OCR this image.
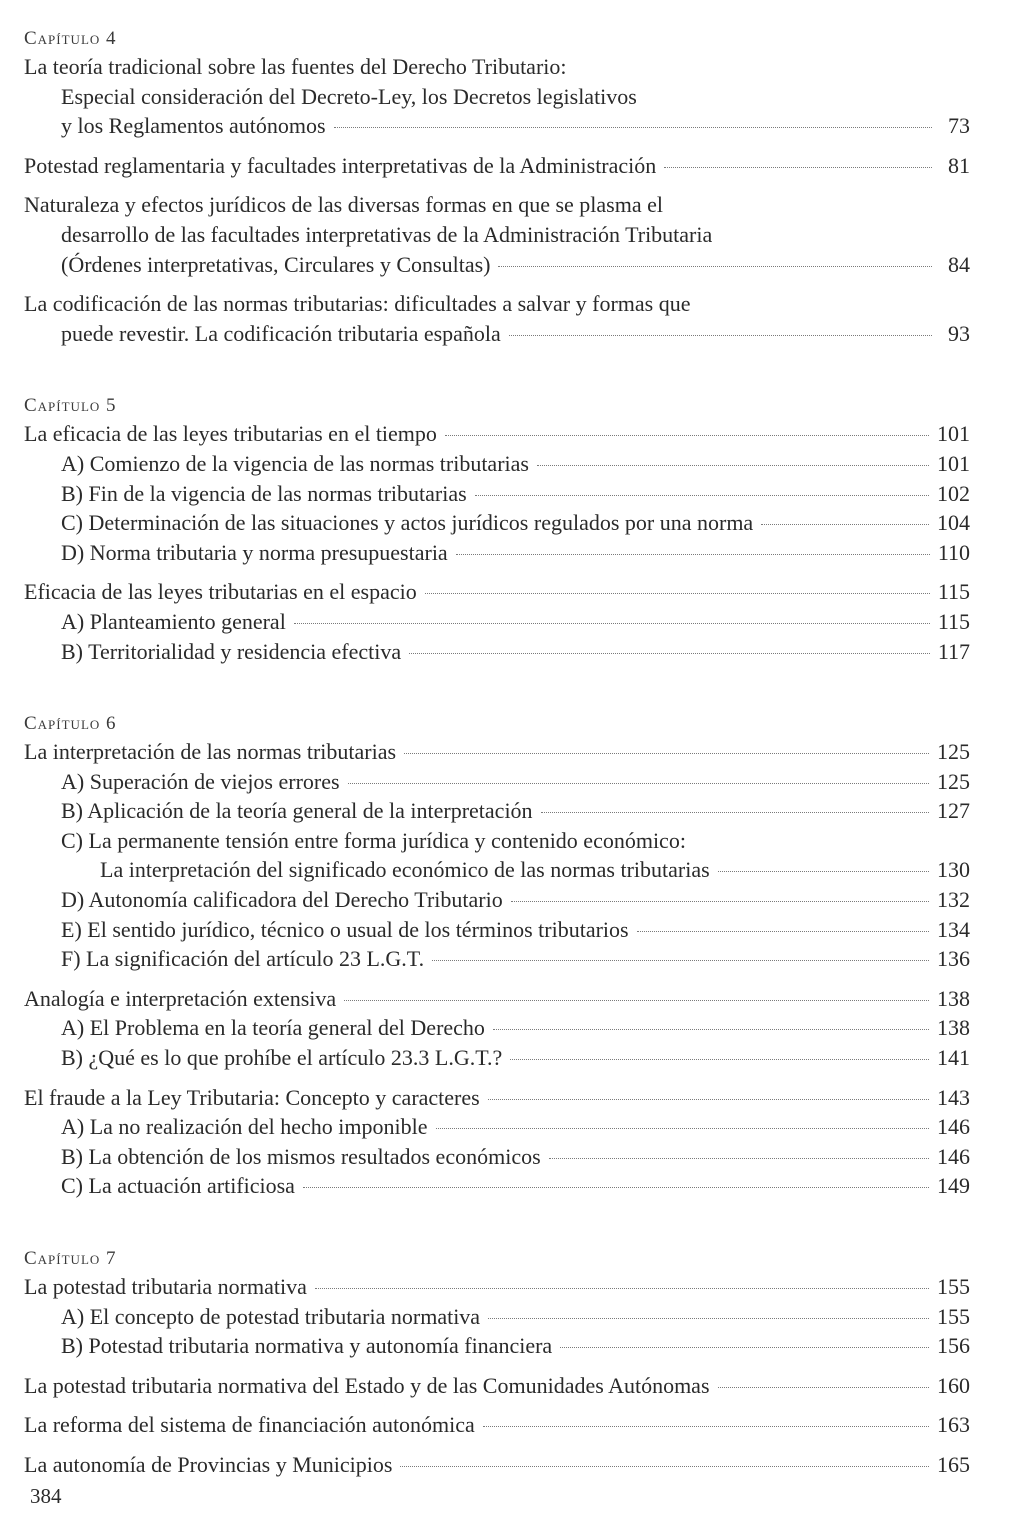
Capítulo 4
La teoría tradicional sobre las fuentes del Derecho Tributario:
Especial consideración del Decreto-Ley, los Decretos legislativos
y los Reglamentos autónomos	73
Potestad reglamentaria y facultades interpretativas de la Administración	81
Naturaleza y efectos jurídicos de las diversas formas en que se plasma el
desarrollo de las facultades interpretativas de la Administración Tributaria
(Órdenes interpretativas, Circulares y Consultas)	84
La codificación de las normas tributarias: dificultades a salvar y formas que
puede revestir. La codificación tributaria española	93
Capítulo 5
La eficacia de las leyes tributarias en el tiempo	101
A) Comienzo de la vigencia de las normas tributarias	101
B) Fin de la vigencia de las normas tributarias	102
C) Determinación de las situaciones y actos jurídicos regulados por una norma	104
D) Norma tributaria y norma presupuestaria	110
Eficacia de las leyes tributarias en el espacio	115
A) Planteamiento general	115
B) Territorialidad y residencia efectiva	117
Capítulo 6
La interpretación de las normas tributarias	125
A) Superación de viejos errores	125
B) Aplicación de la teoría general de la interpretación	127
C) La permanente tensión entre forma jurídica y contenido económico:
La interpretación del significado económico de las normas tributarias	130
D) Autonomía calificadora del Derecho Tributario	132
E) El sentido jurídico, técnico o usual de los términos tributarios	134
F) La significación del artículo 23 L.G.T.	136
Analogía e interpretación extensiva	138
A) El Problema en la teoría general del Derecho	138
B) ¿Qué es lo que prohíbe el artículo 23.3 L.G.T.?	141
El fraude a la Ley Tributaria: Concepto y caracteres	143
A) La no realización del hecho imponible	146
B) La obtención de los mismos resultados económicos	146
C) La actuación artificiosa	149
Capítulo 7
La potestad tributaria normativa	155
A) El concepto de potestad tributaria normativa	155
B) Potestad tributaria normativa y autonomía financiera	156
La potestad tributaria normativa del Estado y de las Comunidades Autónomas	160
La reforma del sistema de financiación autonómica	163
La autonomía de Provincias y Municipios	165
384
